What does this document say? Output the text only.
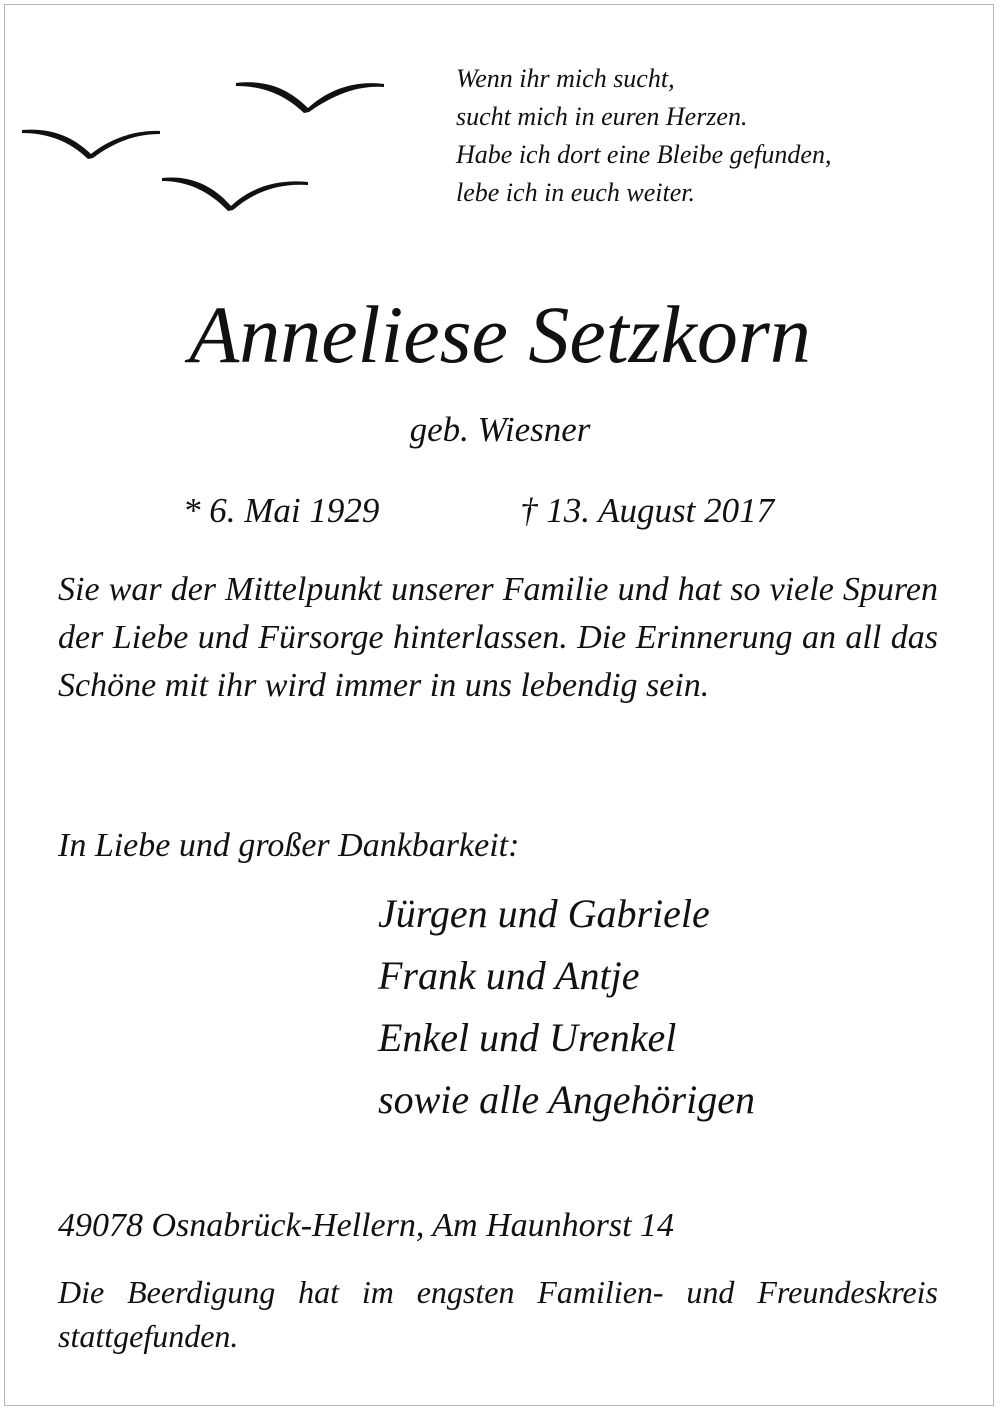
Wenn ihr mich sucht,
sucht mich in euren Herzen.
Habe ich dort eine Bleibe gefunden,
lebe ich in euch weiter.
Anneliese Setzkorn
geb. Wiesner
* 6. Mai 1929	† 13. August 2017
Sie war der Mittelpunkt unserer Familie und hat so viele Spuren der Liebe und Fürsorge hinterlassen. Die Erinnerung an all das Schöne mit ihr wird immer in uns lebendig sein.
In Liebe und großer Dankbarkeit:
Jürgen und Gabriele
Frank und Antje
Enkel und Urenkel
sowie alle Angehörigen
49078 Osnabrück-Hellern, Am Haunhorst 14
Die Beerdigung hat im engsten Familien- und Freundeskreis stattgefunden.
